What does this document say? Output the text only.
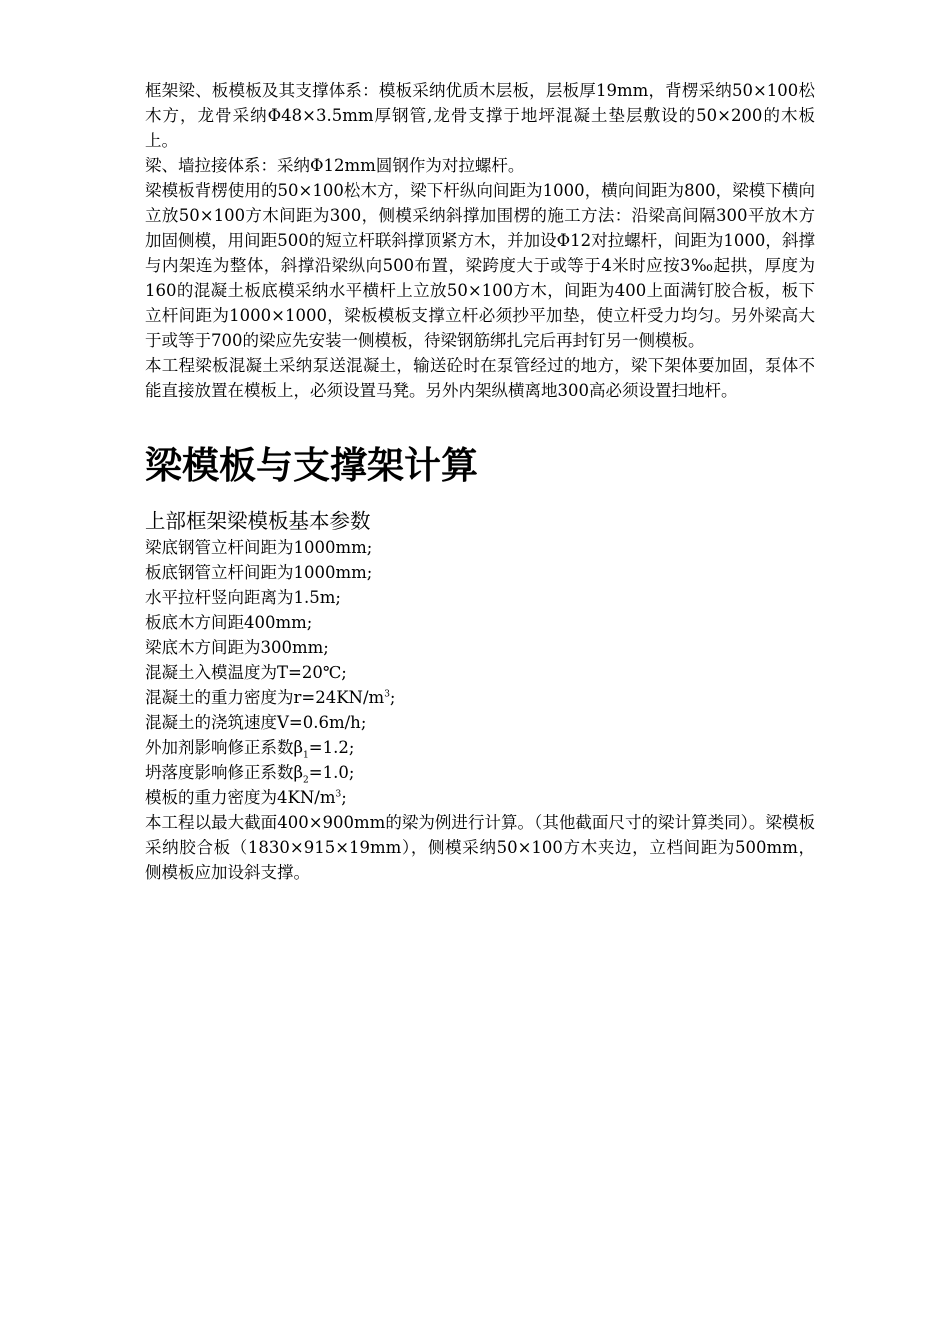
框架梁、板模板及其支撑体系：模板采纳优质木层板，层板厚19mm，背楞采纳50×100松木方，龙骨采纳Φ48×3.5mm厚钢管,龙骨支撑于地坪混凝土垫层敷设的50×200的木板上。

梁、墙拉接体系：采纳Φ12mm圆钢作为对拉螺杆。

梁模板背楞使用的50×100松木方，梁下杆纵向间距为1000，横向间距为800，梁模下横向立放50×100方木间距为300，侧模采纳斜撑加围楞的施工方法：沿梁高间隔300平放木方加固侧模，用间距500的短立杆联斜撑顶紧方木，并加设Φ12对拉螺杆，间距为1000，斜撑与内架连为整体，斜撑沿梁纵向500布置，梁跨度大于或等于4米时应按3‰起拱，厚度为160的混凝土板底模采纳水平横杆上立放50×100方木，间距为400上面满钉胶合板，板下立杆间距为1000×1000，梁板模板支撑立杆必须抄平加垫，使立杆受力均匀。另外梁高大于或等于700的梁应先安装一侧模板，待梁钢筋绑扎完后再封钉另一侧模板。

本工程梁板混凝土采纳泵送混凝土，输送砼时在泵管经过的地方，梁下架体要加固，泵体不能直接放置在模板上，必须设置马凳。另外内架纵横离地300高必须设置扫地杆。

梁模板与支撑架计算
上部框架梁模板基本参数
梁底钢管立杆间距为1000mm;
板底钢管立杆间距为1000mm;
水平拉杆竖向距离为1.5m;
板底木方间距400mm;
梁底木方间距为300mm;
混凝土入模温度为T=20℃;
混凝土的重力密度为$r=24KN/m^3$;
混凝土的浇筑速度V=0.6m/h;
外加剂影响修正系数$\beta_1=1.2$;
坍落度影响修正系数$\beta_2=1.0$;
模板的重力密度为$4KN/m^3$;

本工程以最大截面400×900mm的梁为例进行计算。（其他截面尺寸的梁计算类同）。梁模板采纳胶合板（1830×915×19mm），侧模采纳50×100方木夹边，立档间距为500mm，侧模板应加设斜支撑。
